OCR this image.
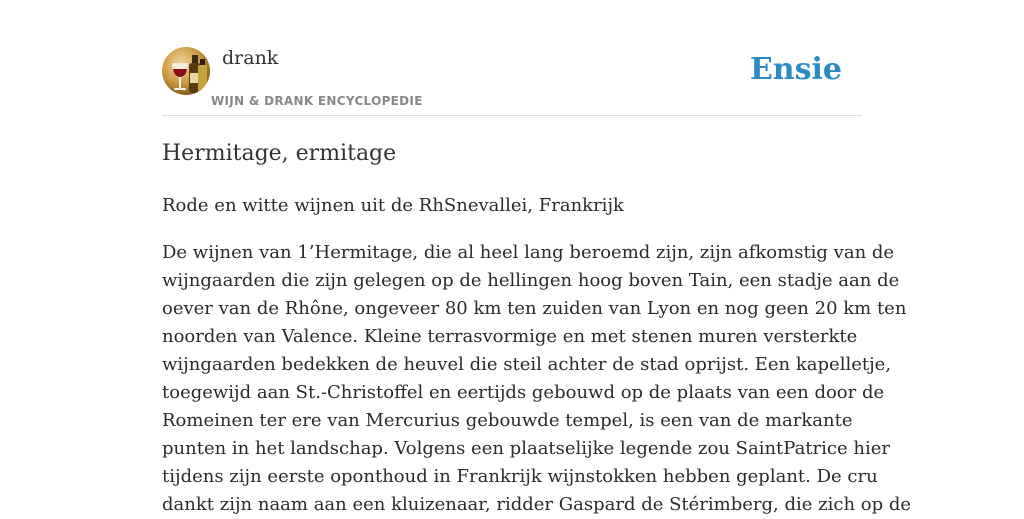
drank
WIJN & DRANK ENCYCLOPEDIE
Ensie
Hermitage, ermitage

Rode en witte wijnen uit de RhSnevallei, Frankrijk

De wijnen van 1’Hermitage, die al heel lang beroemd zijn, zijn afkomstig van de
wijngaarden die zijn gelegen op de hellingen hoog boven Tain, een stadje aan de
oever van de Rhône, ongeveer 80 km ten zuiden van Lyon en nog geen 20 km ten
noorden van Valence. Kleine terrasvormige en met stenen muren versterkte
wijngaarden bedekken de heuvel die steil achter de stad oprijst. Een kapelletje,
toegewijd aan St.-Christoffel en eertijds gebouwd op de plaats van een door de
Romeinen ter ere van Mercurius gebouwde tempel, is een van de markante
punten in het landschap. Volgens een plaatselijke legende zou SaintPatrice hier
tijdens zijn eerste oponthoud in Frankrijk wijnstokken hebben geplant. De cru
dankt zijn naam aan een kluizenaar, ridder Gaspard de Stérimberg, die zich op de
